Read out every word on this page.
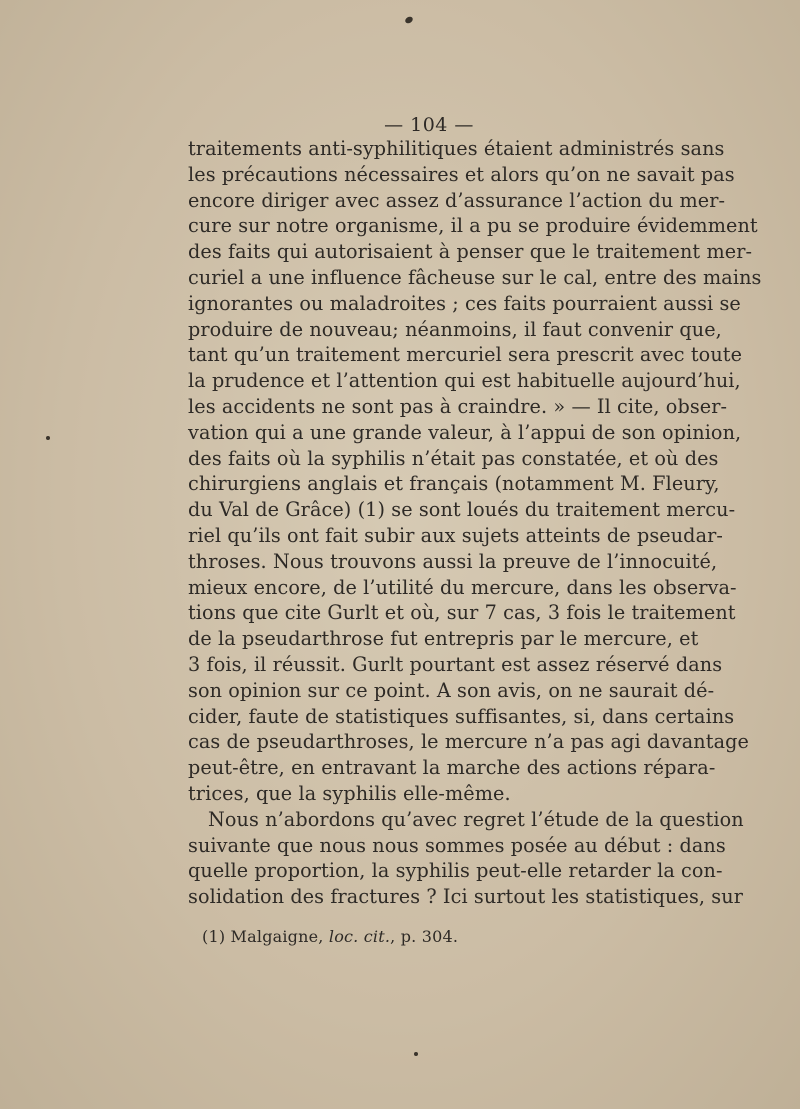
— 104 —
traitements anti-syphilitiques étaient administrés sans
les précautions nécessaires et alors qu’on ne savait pas
encore diriger avec assez d’assurance l’action du mer-
cure sur notre organisme, il a pu se produire évidemment
des faits qui autorisaient à penser que le traitement mer-
curiel a une influence fâcheuse sur le cal, entre des mains
ignorantes ou maladroites ; ces faits pourraient aussi se
produire de nouveau; néanmoins, il faut convenir que,
tant qu’un traitement mercuriel sera prescrit avec toute
la prudence et l’attention qui est habituelle aujourd’hui,
les accidents ne sont pas à craindre. » — Il cite, obser-
vation qui a une grande valeur, à l’appui de son opinion,
des faits où la syphilis n’était pas constatée, et où des
chirurgiens anglais et français (notamment M. Fleury,
du Val de Grâce) (1) se sont loués du traitement mercu-
riel qu’ils ont fait subir aux sujets atteints de pseudar-
throses. Nous trouvons aussi la preuve de l’innocuité,
mieux encore, de l’utilité du mercure, dans les observa-
tions que cite Gurlt et où, sur 7 cas, 3 fois le traitement
de la pseudarthrose fut entrepris par le mercure, et
3 fois, il réussit. Gurlt pourtant est assez réservé dans
son opinion sur ce point. A son avis, on ne saurait dé-
cider, faute de statistiques suffisantes, si, dans certains
cas de pseudarthroses, le mercure n’a pas agi davantage
peut-être, en entravant la marche des actions répara-
trices, que la syphilis elle-même.
Nous n’abordons qu’avec regret l’étude de la question
suivante que nous nous sommes posée au début : dans
quelle proportion, la syphilis peut-elle retarder la con-
solidation des fractures ? Ici surtout les statistiques, sur
(1) Malgaigne, loc. cit., p. 304.
